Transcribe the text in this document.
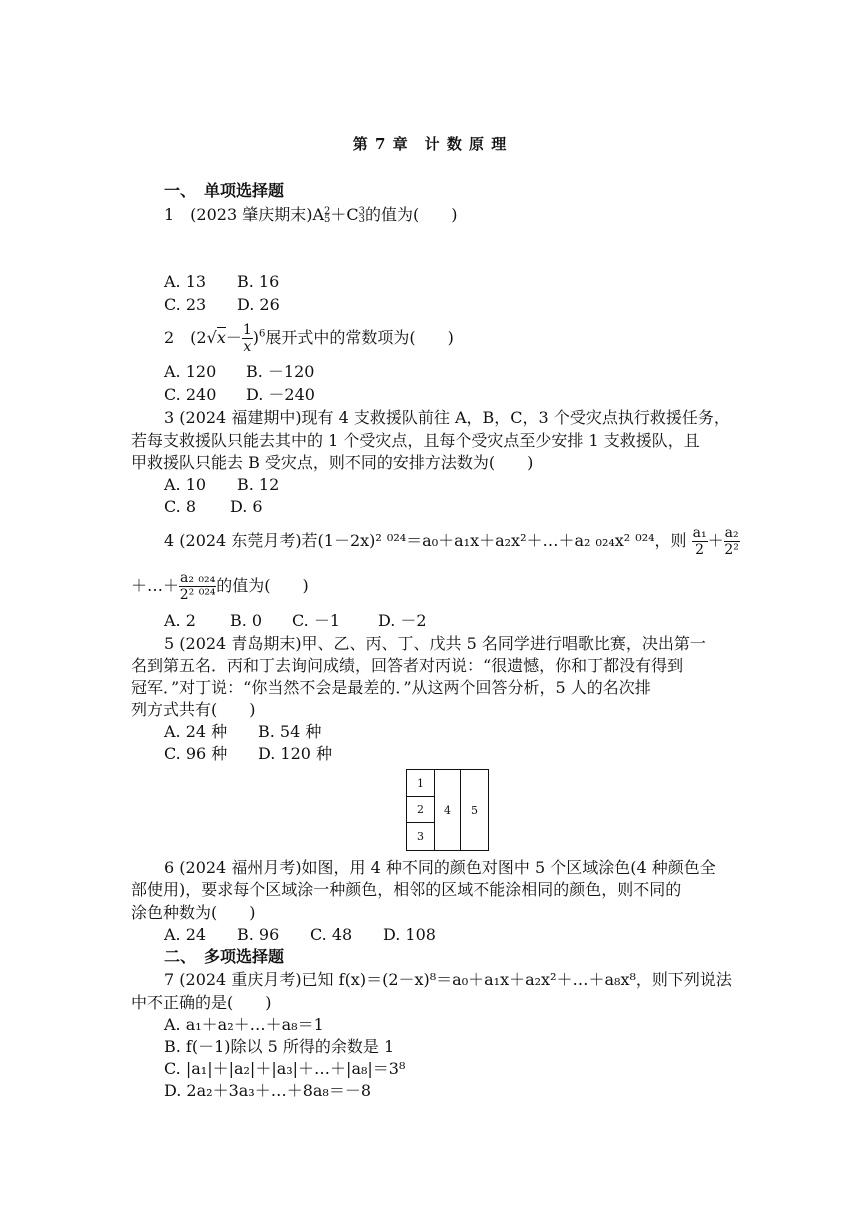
第 7 章　计 数 原 理
一、　单项选择题
1　(2023 肇庆期末)A 2
5 ＋C 3
3 的值为(　　)
A. 13 B. 16
C. 23 D. 26
2　$(2√x- \frac{1}{x} )^6$展开式中的常数项为(　　)
A. 120 B. －120
C. 240 D. －240
3 (2024 福建期中)现有 4 支救援队前往 A，B，C，3 个受灾点执行救援任务，
若每支救援队只能去其中的 1 个受灾点，且每个受灾点至少安排 1 支救援队，且
甲救援队只能去 B 受灾点，则不同的安排方法数为(　　)
A. 10 B. 12
C. 8 D. 6
4 (2024 东莞月考)若(1－2x)² ⁰²⁴＝a₀＋a₁x＋a₂x²＋…＋a₂ ₀₂₄x² ⁰²⁴，则 $\frac{\text{a₁}}{2} + \frac{\text{a₂}}{\text{2²}}$
＋…＋ $\frac{\text{a₂ ₀₂₄}}{\text{2² ⁰²⁴}}$ 的值为(　　)
A. 2 B. 0 C. －1 D. －2
5 (2024 青岛期末)甲、乙、丙、丁、戊共 5 名同学进行唱歌比赛，决出第一
名到第五名．丙和丁去询问成绩，回答者对丙说：“很遗憾，你和丁都没有得到
冠军．”对丁说：“你当然不会是最差的．”从这两个回答分析，5 人的名次排
列方式共有(　　)
A. 24 种 B. 54 种
C. 96 种 D. 120 种
1
2
3
4	5
6 (2024 福州月考)如图，用 4 种不同的颜色对图中 5 个区域涂色(4 种颜色全
部使用)，要求每个区域涂一种颜色，相邻的区域不能涂相同的颜色，则不同的
涂色种数为(　　)
A. 24 B. 96 C. 48 D. 108
二、　多项选择题
7 (2024 重庆月考)已知 f(x)＝(2－x)⁸＝a₀＋a₁x＋a₂x²＋…＋a₈x⁸，则下列说法
中不正确的是(　　)
A. a₁＋a₂＋…＋a₈＝1
B. f(－1)除以 5 所得的余数是 1
C. |a₁|＋|a₂|＋|a₃|＋…＋|a₈|＝3⁸
D. 2a₂＋3a₃＋…＋8a₈＝－8
